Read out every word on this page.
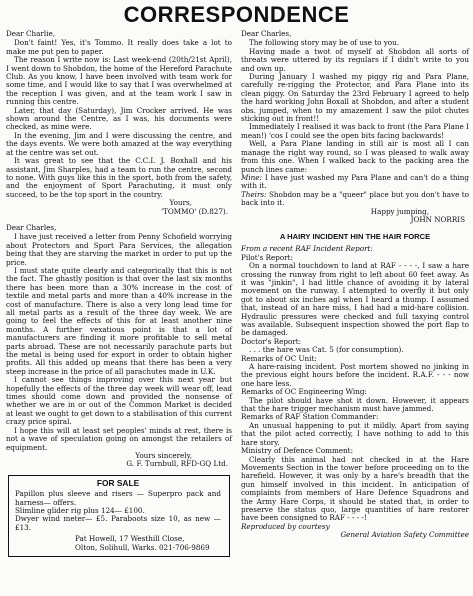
CORRESPONDENCE

Dear Charlie,

Don't faint! Yes, it's Tommo. It really does take a lot to make me put pen to paper.

The reason I write now is: Last week-end (20th/21st April), I went down to Shobdon, the home of the Hereford Parachute Club. As you know, I have been involved with team work for some time, and I would like to say that I was overwhelmed at the reception I was given, and at the team work I saw in running this centre.

Later, that day (Saturday), Jim Crocker arrived. He was shown around the Centre, as I was, his documents were checked, as mine were.

In the evening, Jim and I were discussing the centre, and the days events. We were both amazed at the way everything at the centre was set out.

It was great to see that the C.C.I. J. Boxhall and his assistant, Jim Sharples, had a team to run the centre, second to none. With guys like this in the sport, both from the safety, and the enjoyment of Sport Parachuting, it must only succeed, to be the top sport in the country.

Yours,

'TOMMO' (D.827).

Dear Charles,

I have just received a letter from Penny Schofield worrying about Protectors and Sport Para Services, the allegation being that they are starving the market in order to put up the price.

I must state quite clearly and categorically that this is not the fact. The ghastly position is that over the last six months there has been more than a 30% increase in the cost of textile and metal parts and more than a 40% increase in the cost of manufacture. There is also a very long lead time for all metal parts as a result of the three day week. We are going to feel the effects of this for at least another nine months. A further vexatious point is that a lot of manufacturers are finding it more profitable to sell metal parts abroad. These are not necessarily parachute parts but the metal is being used for export in order to obtain higher profits. All this added up means that there has been a very steep increase in the price of all parachutes made in U.K.

I cannot see things improving over this next year but hopefully the effects of the three day week will wear off, lead times should come down and provided the nonsense of whether we are in or out of the Common Market is decided at least we ought to get down to a stabilisation of this current crazy price spiral.

I hope this will at least set peoples' minds at rest, there is not a wave of speculation going on amongst the retailers of equipment.

Yours sincerely,

G. F. Turnbull, RFD-GQ Ltd.

FOR SALE

Papillon plus sleeve and risers — Superpro pack and harness— offers.

Slimline glider rig plus 124— £100.

Dwyer wind meter— £5. Paraboots size 10, as new — £13.

Pat Howell, 17 Westhill Close,

Olton, Solihull, Warks. 021-706-9869

Dear Charles,

The following story may be of use to you.

Having made a twot of myself at Shobdon all sorts of threats were uttered by its regulars if I didn't write to you and own up.

During January I washed my piggy rig and Para Plane, carefully re-rigging the Protector, and Para Plane into its clean piggy. On Saturday the 23rd February I agreed to help the hard working John Boxall at Shobdon, and after a student obs. jumped, when to my amazement I saw the pilot chutes sticking out in front!!

Immediately I realised it was back to front (the Para Plane I mean!) 'cos I could see the open bits facing backwards!

Well, a Para Plane landing in still air is most all I can manage the right way round, so I was pleased to walk away from this one. When I walked back to the packing area the punch lines came:

Mine: I have just washed my Para Plane and can't do a thing with it.

Theirs: Shobdon may be a "queer" place but you don't have to back into it.

Happy jumping,

JOHN NORRIS

A HAIRY INCIDENT HIN THE HAIR FORCE

From a recent RAF Incident Report:

Pilot's Report:

On a normal touchdown to land at RAF - - - -, I saw a hare crossing the runway from right to left about 60 feet away. As it was "jinkin", I had little chance of avoiding it by lateral movement on the runway. I attempted to overfly it but only got to about six inches agl when I heard a thump. I assumed that, instead of an hare miss, I had had a mid-hare collision. Hydraulic pressures were checked and full taxying control was available. Subsequent inspection showed the port flap to be damaged.

Doctor's Report:

. . . the hare was Cat. 5 (for consumption).

Remarks of OC Unit:

A hare-raising incident. Post mortem showed no jinking in the previous eight hours before the incident. R.A.F. - - - now one hare less.

Remarks of OC Engineering Wing:

The pilot should have shot it down. However, it appears that the hare trigger mechanism must have jammed.

Remarks of RAF Station Commander:

An unusual happening to put it mildly. Apart from saying that the pilot acted correctly, I have nothing to add to this hare story.

Ministry of Defence Comment:

Clearly this animal had not checked in at the Hare Movements Section in the tower before proceeding on to the harefield. However, it was only by a hare's breadth that the gun himself involved in this incident. In anticipation of complaints from members of Hare Defence Squadrons and the Army Hare Corps, it should be stated that, in order to preserve the status quo, large quantities of hare restorer have been consigned to RAF - - - -!

Reproduced by courtesy

General Aviation Safety Committee
